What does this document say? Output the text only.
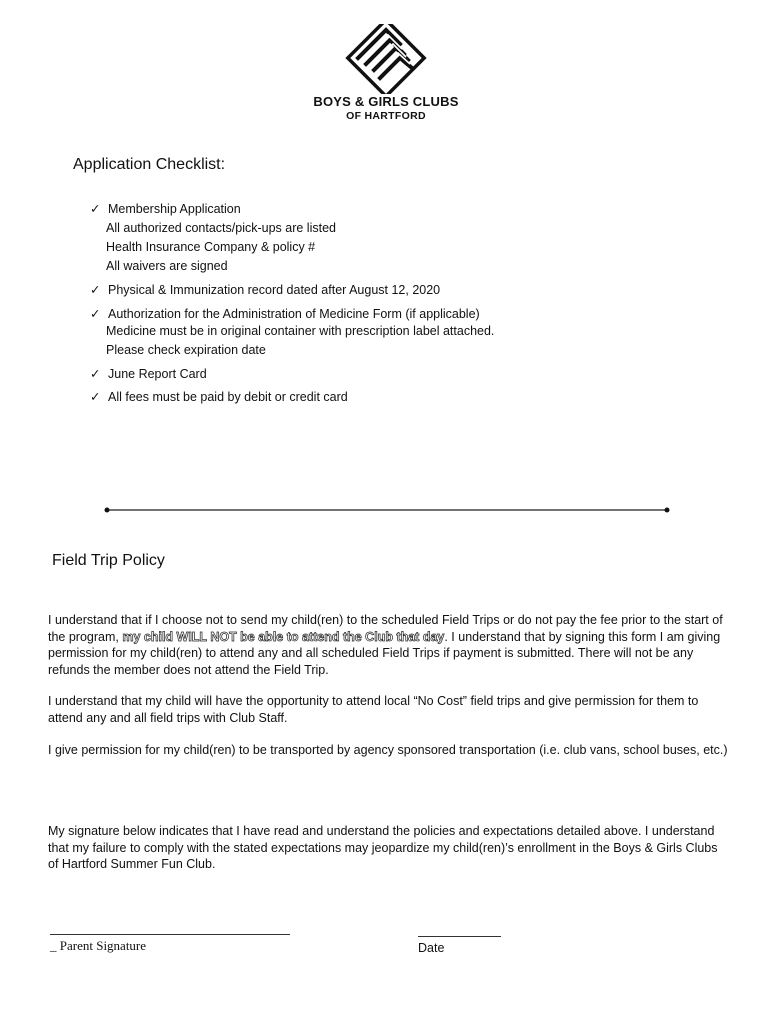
BOYS & GIRLS CLUBS
OF HARTFORD
Application Checklist:
✓ Membership Application
All authorized contacts/pick-ups are listed
Health Insurance Company & policy #
All waivers are signed
✓ Physical & Immunization record dated after August 12, 2020
✓ Authorization for the Administration of Medicine Form (if applicable)
Medicine must be in original container with prescription label attached.
Please check expiration date
✓ June Report Card
✓ All fees must be paid by debit or credit card
Field Trip Policy
I understand that if I choose not to send my child(ren) to the scheduled Field Trips or do not pay the fee prior to the start of the program, my child WILL NOT be able to attend the Club that day. I understand that by signing this form I am giving permission for my child(ren) to attend any and all scheduled Field Trips if payment is submitted. There will not be any refunds the member does not attend the Field Trip.
I understand that my child will have the opportunity to attend local “No Cost” field trips and give permission for them to attend any and all field trips with Club Staff.
I give permission for my child(ren) to be transported by agency sponsored transportation (i.e. club vans, school buses, etc.)
My signature below indicates that I have read and understand the policies and expectations detailed above. I understand that my failure to comply with the stated expectations may jeopardize my child(ren)’s enrollment in the Boys & Girls Clubs of Hartford Summer Fun Club.
_ Parent Signature	Date
